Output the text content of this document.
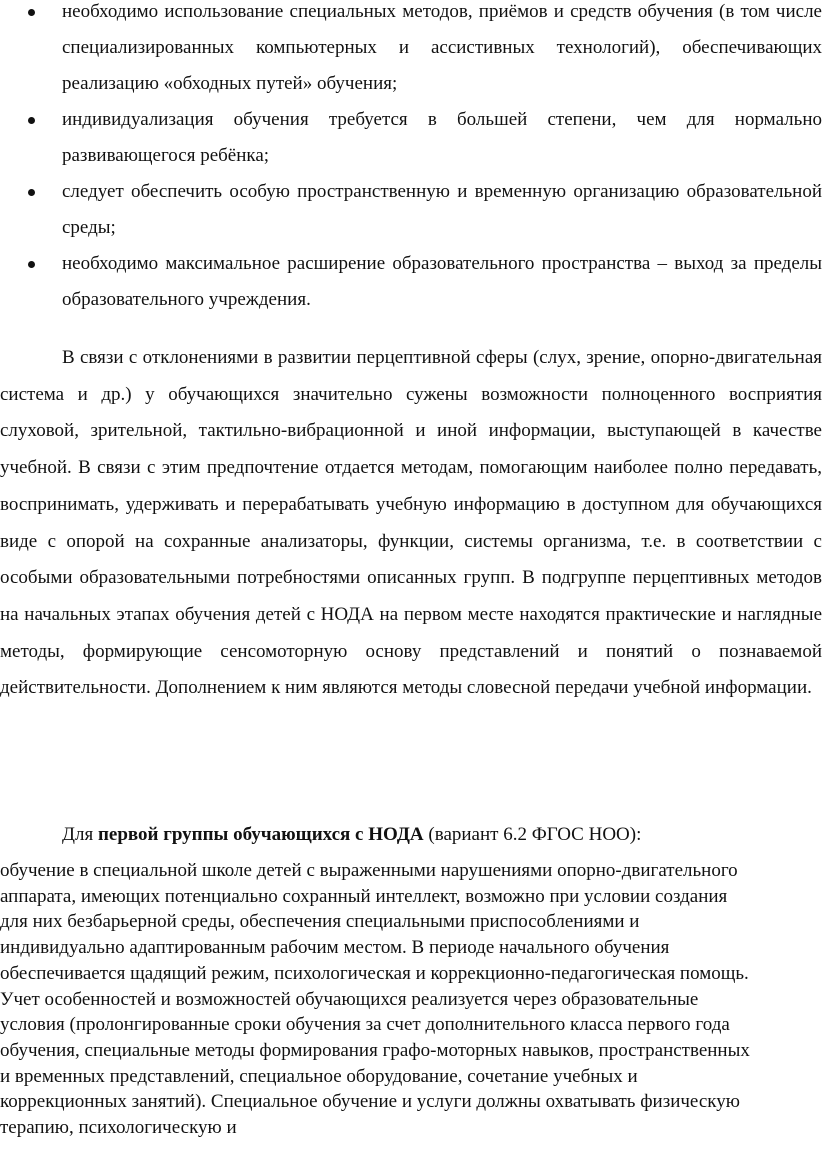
необходимо использование специальных методов, приёмов и средств обучения (в том числе специализированных компьютерных и ассистивных технологий), обеспечивающих реализацию «обходных путей» обучения;
индивидуализация обучения требуется в большей степени, чем для нормально развивающегося ребёнка;
следует обеспечить особую пространственную и временную организацию образовательной среды;
необходимо максимальное расширение образовательного пространства – выход за пределы образовательного учреждения.

В связи с отклонениями в развитии перцептивной сферы (слух, зрение, опорно-двигательная система и др.) у обучающихся значительно сужены возможности полноценного восприятия слуховой, зрительной, тактильно-вибрационной и иной информации, выступающей в качестве учебной. В связи с этим предпочтение отдается методам, помогающим наиболее полно передавать, воспринимать, удерживать и перерабатывать учебную информацию в доступном для обучающихся виде с опорой на сохранные анализаторы, функции, системы организма, т.е. в соответствии с особыми образовательными потребностями описанных групп. В подгруппе перцептивных методов на начальных этапах обучения детей с НОДА на первом месте находятся практические и наглядные методы, формирующие сенсомоторную основу представлений и понятий о познаваемой действительности. Дополнением к ним являются методы словесной передачи учебной информации.

Для первой группы обучающихся с НОДА (вариант 6.2 ФГОС НОО):

обучение в специальной школе детей с выраженными нарушениями опорно-двигательного
аппарата, имеющих потенциально сохранный интеллект, возможно при условии создания
для них безбарьерной среды, обеспечения специальными приспособлениями и
индивидуально адаптированным рабочим местом. В периоде начального обучения
обеспечивается щадящий режим, психологическая и коррекционно-педагогическая помощь.
Учет особенностей и возможностей обучающихся реализуется через образовательные
условия (пролонгированные сроки обучения за счет дополнительного класса первого года
обучения, специальные методы формирования графо-моторных навыков, пространственных
и временных представлений, специальное оборудование, сочетание учебных и
коррекционных занятий). Специальное обучение и услуги должны охватывать физическую
терапию, психологическую и
